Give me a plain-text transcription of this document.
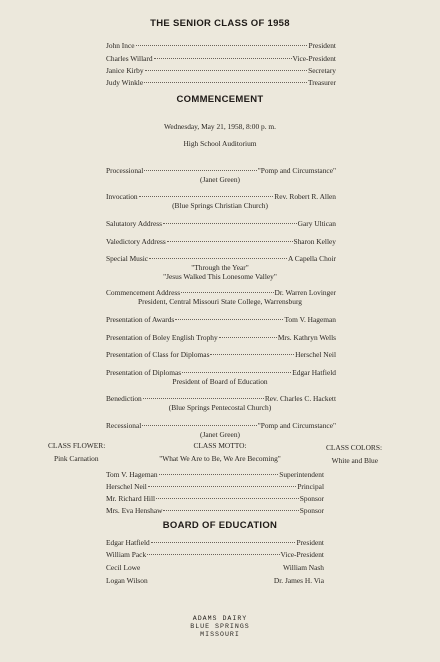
THE SENIOR CLASS OF 1958
John Ince	President
Charles Willard	Vice-President
Janice Kirby	Secretary
Judy Winkle	Treasurer
COMMENCEMENT
Wednesday, May 21, 1958, 8:00 p. m.
High School Auditorium
Processional	"Pomp and Circumstance"
(Janet Green)
Invocation	Rev. Robert R. Allen
(Blue Springs Christian Church)
Salutatory Address	Gary Ultican
Valedictory Address	Sharon Kelley
Special Music	A Capella Choir
"Through the Year"
"Jesus Walked This Lonesome Valley"
Commencement Address	Dr. Warren Lovinger
President, Central Missouri State College, Warrensburg
Presentation of Awards	Tom V. Hageman
Presentation of Boley English Trophy	Mrs. Kathryn Wells
Presentation of Class for Diplomas	Herschel Neil
Presentation of Diplomas	Edgar Hatfield
President of Board of Education
Benediction	Rev. Charles C. Hackett
(Blue Springs Pentecostal Church)
Recessional	"Pomp and Circumstance"
(Janet Green)
CLASS FLOWER:
Pink Carnation
CLASS MOTTO:
"What We Are to Be, We Are Becoming"
CLASS COLORS:
White and Blue
Tom V. Hageman	Superintendent
Herschel Neil	Principal
Mr. Richard Hill	Sponsor
Mrs. Eva Henshaw	Sponsor
BOARD OF EDUCATION
Edgar Hatfield	President
William Pack	Vice-President
Cecil Lowe	William Nash
Logan Wilson	Dr. James H. Via
ADAMS DAIRY
BLUE SPRINGS
MISSOURI
